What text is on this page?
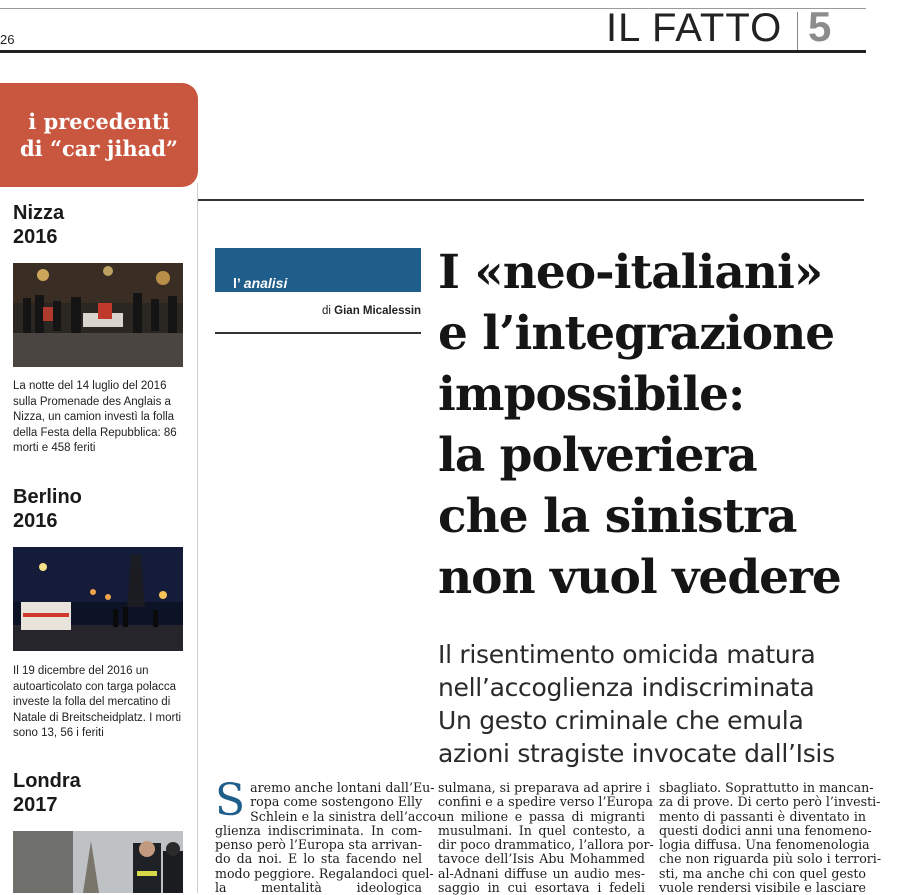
26	IL FATTO 5
i precedenti
di “car jihad”
Nizza
2016
La notte del 14 luglio del 2016 sulla Promenade des Anglais a Nizza, un camion investì la folla della Festa della Repubblica: 86 morti e 458 feriti
Berlino
2016
Il 19 dicembre del 2016 un autoarticolato con targa polacca investe la folla del mercatino di Natale di Breitscheidplatz. I morti sono 13, 56 i feriti
Londra
2017
l’ analisi
di Gian Micalessin
I «neo-italiani»
e l’integrazione
impossibile:
la polveriera
che la sinistra
non vuol vedere
Il risentimento omicida matura
nell’accoglienza indiscriminata
Un gesto criminale che emula
azioni stragiste invocate dall’Isis
S aremo anche lontani dall’Eu-
ropa come sostengono Elly
Schlein e la sinistra dell’acco-
glienza indiscriminata. In com-
penso però l’Europa sta arrivan-
do da noi. E lo sta facendo nel
modo peggiore. Regalandoci quel-
la mentalità ideologica
sulmana, si preparava ad aprire i
confini e a spedire verso l’Europa
un milione e passa di migranti
musulmani. In quel contesto, a
dir poco drammatico, l’allora por-
tavoce dell’Isis Abu Mohammed
al-Adnani diffuse un audio mes-
saggio in cui esortava i fedeli
sbagliato. Soprattutto in mancan-
za di prove. Di certo però l’investi-
mento di passanti è diventato in
questi dodici anni una fenomeno-
logia diffusa. Una fenomenologia
che non riguarda più solo i terrori-
sti, ma anche chi con quel gesto
vuole rendersi visibile e lasciare
